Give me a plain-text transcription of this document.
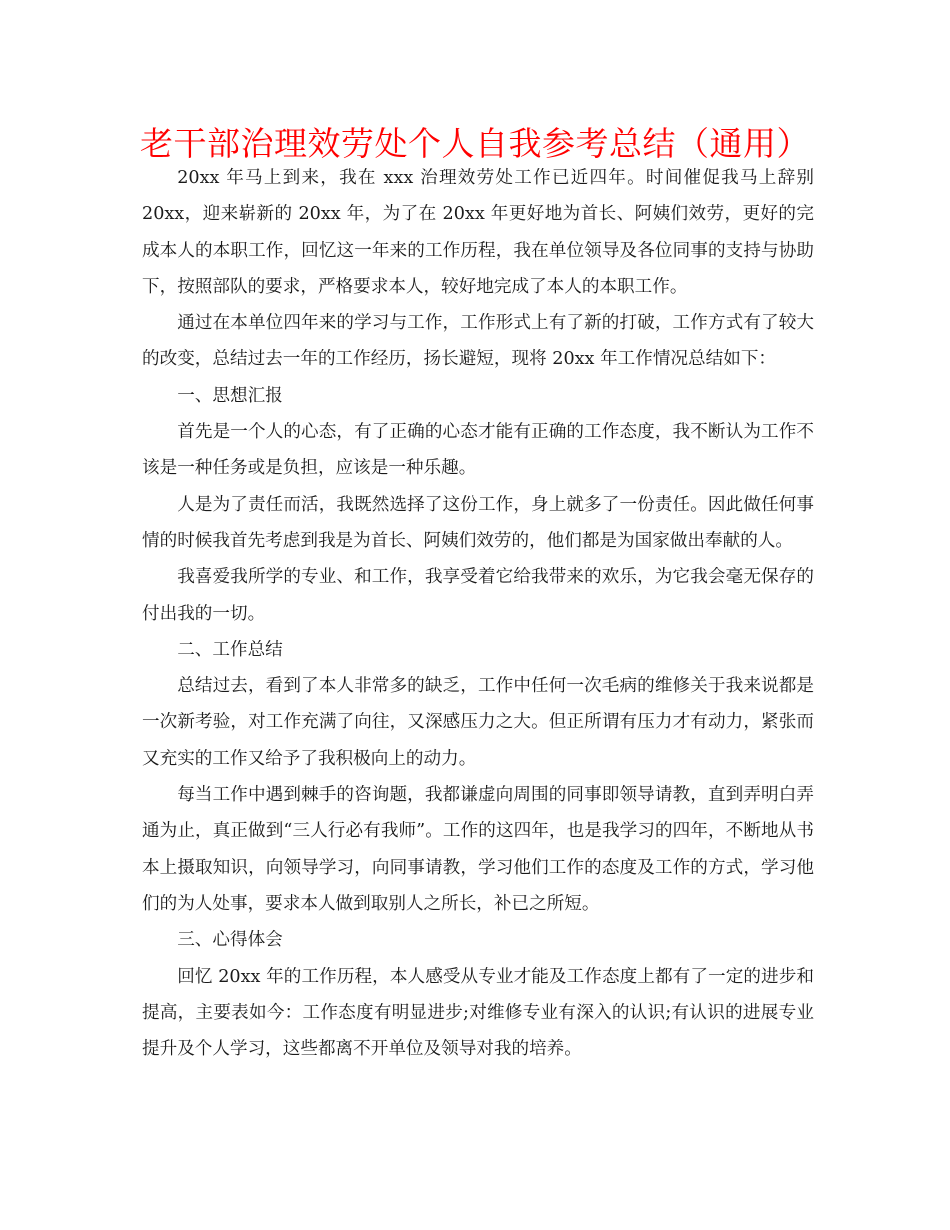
老干部治理效劳处个人自我参考总结（通用）

20xx 年马上到来，我在 xxx 治理效劳处工作已近四年。时间催促我马上辞别 20xx，迎来崭新的 20xx 年，为了在 20xx 年更好地为首长、阿姨们效劳，更好的完成本人的本职工作，回忆这一年来的工作历程，我在单位领导及各位同事的支持与协助下，按照部队的要求，严格要求本人，较好地完成了本人的本职工作。

通过在本单位四年来的学习与工作，工作形式上有了新的打破，工作方式有了较大的改变，总结过去一年的工作经历，扬长避短，现将 20xx 年工作情况总结如下：

一、思想汇报

首先是一个人的心态，有了正确的心态才能有正确的工作态度，我不断认为工作不该是一种任务或是负担，应该是一种乐趣。

人是为了责任而活，我既然选择了这份工作，身上就多了一份责任。因此做任何事情的时候我首先考虑到我是为首长、阿姨们效劳的，他们都是为国家做出奉献的人。

我喜爱我所学的专业、和工作，我享受着它给我带来的欢乐，为它我会毫无保存的付出我的一切。

二、工作总结

总结过去，看到了本人非常多的缺乏，工作中任何一次毛病的维修关于我来说都是一次新考验，对工作充满了向往，又深感压力之大。但正所谓有压力才有动力，紧张而又充实的工作又给予了我积极向上的动力。

每当工作中遇到棘手的咨询题，我都谦虚向周围的同事即领导请教，直到弄明白弄通为止，真正做到“三人行必有我师”。工作的这四年，也是我学习的四年，不断地从书本上摄取知识，向领导学习，向同事请教，学习他们工作的态度及工作的方式，学习他们的为人处事，要求本人做到取别人之所长，补已之所短。

三、心得体会

回忆 20xx 年的工作历程，本人感受从专业才能及工作态度上都有了一定的进步和提高，主要表如今：工作态度有明显进步;对维修专业有深入的认识;有认识的进展专业提升及个人学习，这些都离不开单位及领导对我的培养。
